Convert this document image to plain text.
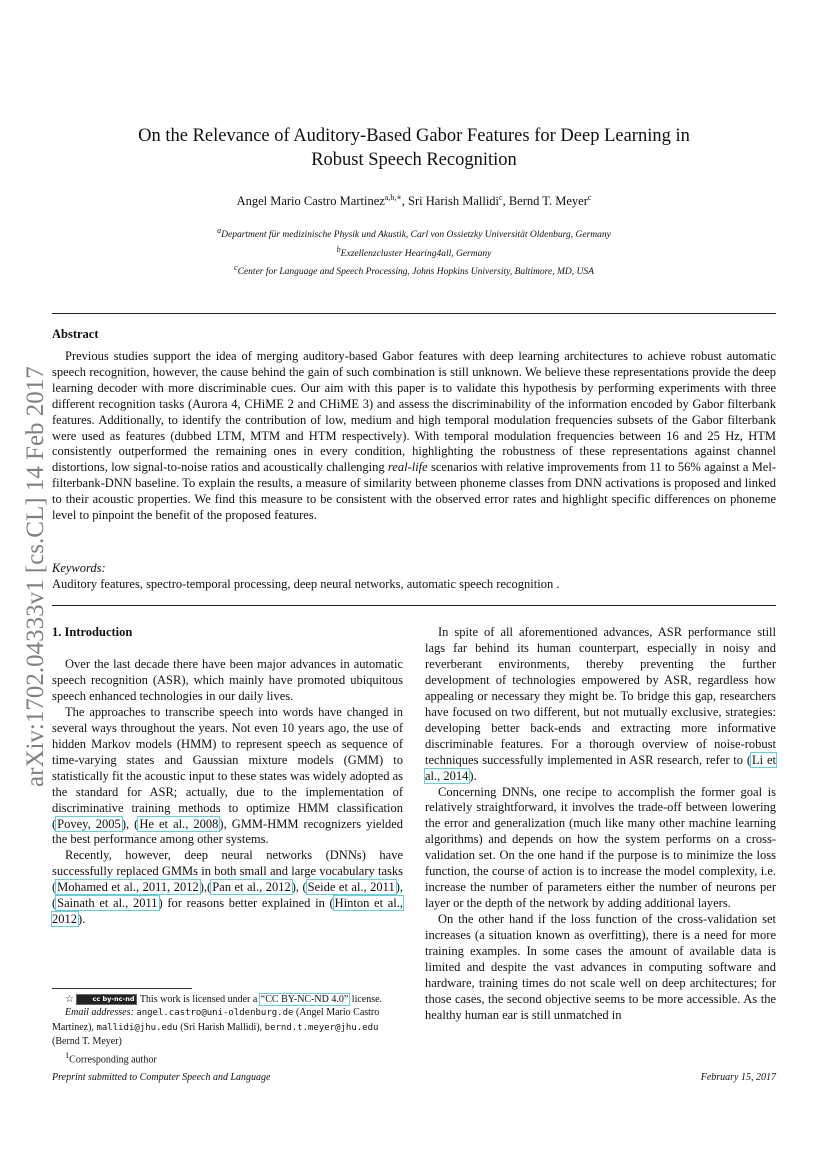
arXiv:1702.04333v1 [cs.CL] 14 Feb 2017
On the Relevance of Auditory-Based Gabor Features for Deep Learning in
Robust Speech Recognition
Angel Mario Castro Martinez$^{a,b,∗}$, Sri Harish Mallidi$^c$, Bernd T. Meyer$^c$
$^a$Department für medizinische Physik und Akustik, Carl von Ossietzky Universität Oldenburg, Germany
$^b$Exzellenzcluster Hearing4all, Germany
$^c$Center for Language and Speech Processing, Johns Hopkins University, Baltimore, MD, USA
Abstract

Previous studies support the idea of merging auditory-based Gabor features with deep learning architectures to achieve robust automatic speech recognition, however, the cause behind the gain of such combination is still unknown. We believe these representations provide the deep learning decoder with more discriminable cues. Our aim with this paper is to validate this hypothesis by performing experiments with three different recognition tasks (Aurora 4, CHiME 2 and CHiME 3) and assess the discriminability of the information encoded by Gabor filterbank features. Additionally, to identify the contribution of low, medium and high temporal modulation frequencies subsets of the Gabor filterbank were used as features (dubbed LTM, MTM and HTM respectively). With temporal modulation frequencies between 16 and 25 Hz, HTM consistently outperformed the remaining ones in every condition, highlighting the robustness of these representations against channel distortions, low signal-to-noise ratios and acoustically challenging real-life scenarios with relative improvements from 11 to 56% against a Mel-filterbank-DNN baseline. To explain the results, a measure of similarity between phoneme classes from DNN activations is proposed and linked to their acoustic properties. We find this measure to be consistent with the observed error rates and highlight specific differences on phoneme level to pinpoint the benefit of the proposed features.

Keywords:
Auditory features, spectro-temporal processing, deep neural networks, automatic speech recognition .
1. Introduction

Over the last decade there have been major advances in automatic speech recognition (ASR), which mainly have promoted ubiquitous speech enhanced technologies in our daily lives.

The approaches to transcribe speech into words have changed in several ways throughout the years. Not even 10 years ago, the use of hidden Markov models (HMM) to represent speech as sequence of time-varying states and Gaussian mixture models (GMM) to statistically fit the acoustic input to these states was widely adopted as the standard for ASR; actually, due to the implementation of discriminative training methods to optimize HMM classification (Povey, 2005), (He et al., 2008), GMM-HMM recognizers yielded the best performance among other systems.

Recently, however, deep neural networks (DNNs) have successfully replaced GMMs in both small and large vocabulary tasks (Mohamed et al., 2011, 2012),(Pan et al., 2012), (Seide et al., 2011), (Sainath et al., 2011) for reasons better explained in (Hinton et al., 2012).

In spite of all aforementioned advances, ASR performance still lags far behind its human counterpart, especially in noisy and reverberant environments, thereby preventing the further development of technologies empowered by ASR, regardless how appealing or necessary they might be. To bridge this gap, researchers have focused on two different, but not mutually exclusive, strategies: developing better back-ends and extracting more informative discriminable features. For a thorough overview of noise-robust techniques successfully implemented in ASR research, refer to (Li et al., 2014).

Concerning DNNs, one recipe to accomplish the former goal is relatively straightforward, it involves the trade-off between lowering the error and generalization (much like many other machine learning algorithms) and depends on how the system performs on a cross-validation set. On the one hand if the purpose is to minimize the loss function, the course of action is to increase the model complexity, i.e. increase the number of parameters either the number of neurons per layer or the depth of the network by adding additional layers.

On the other hand if the loss function of the cross-validation set increases (a situation known as overfitting), there is a need for more training examples. In some cases the amount of available data is limited and despite the vast advances in computing software and hardware, training times do not scale well on deep architectures; for those cases, the second objective seems to be more accessible. As the healthy human ear is still unmatched in

☆	cc by-nc-nd This work is licensed under a “CC BY-NC-ND 4.0” license.

Email addresses: angel.castro@uni-oldenburg.de (Angel Mario Castro Martinez), mallidi@jhu.edu (Sri Harish Mallidi), bernd.t.meyer@jhu.edu (Bernd T. Meyer)

$^1$Corresponding author

Preprint submitted to Computer Speech and Language	February 15, 2017
